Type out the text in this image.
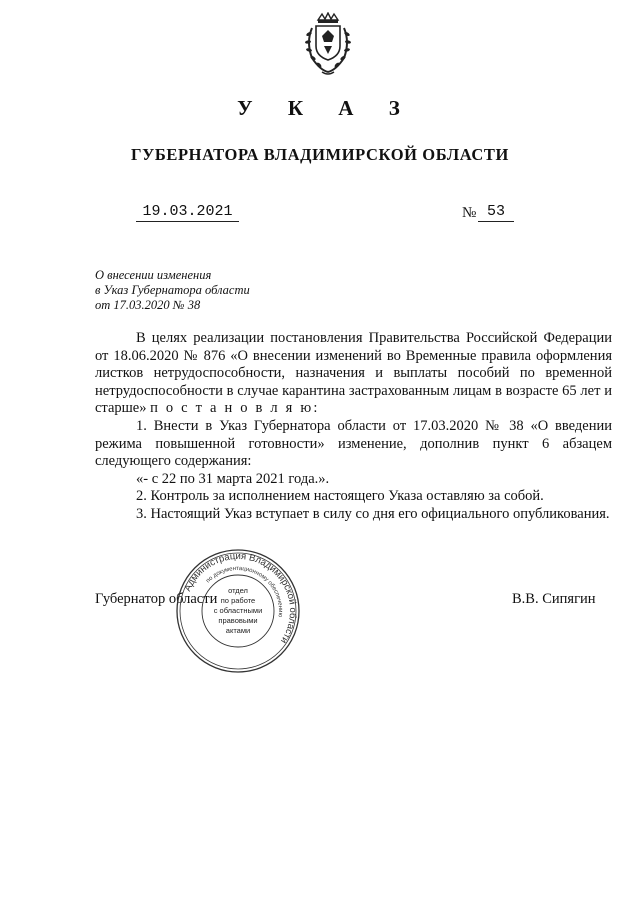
У К А З
ГУБЕРНАТОРА ВЛАДИМИРСКОЙ ОБЛАСТИ
19.03.2021	№ 53
О внесении изменения
в Указ Губернатора области
от 17.03.2020 № 38

В целях реализации постановления Правительства Российской Федерации от 18.06.2020 № 876 «О внесении изменений во Временные правила оформления листков нетрудоспособности, назначения и выплаты пособий по временной нетрудоспособности в случае карантина застрахованным лицам в возрасте 65 лет и старше» п о с т а н о в л я ю:

1. Внести в Указ Губернатора области от 17.03.2020 № 38 «О введении режима повышенной готовности» изменение, дополнив пункт 6 абзацем следующего содержания:

«- с 22 по 31 марта 2021 года.».

2. Контроль за исполнением настоящего Указа оставляю за собой.

3. Настоящий Указ вступает в силу со дня его официального опубликования.

Губернатор области	В.В. Сипягин
Администрация Владимирской области
по документационному обеспечению
отдел
по работе
с областными
правовыми
актами
